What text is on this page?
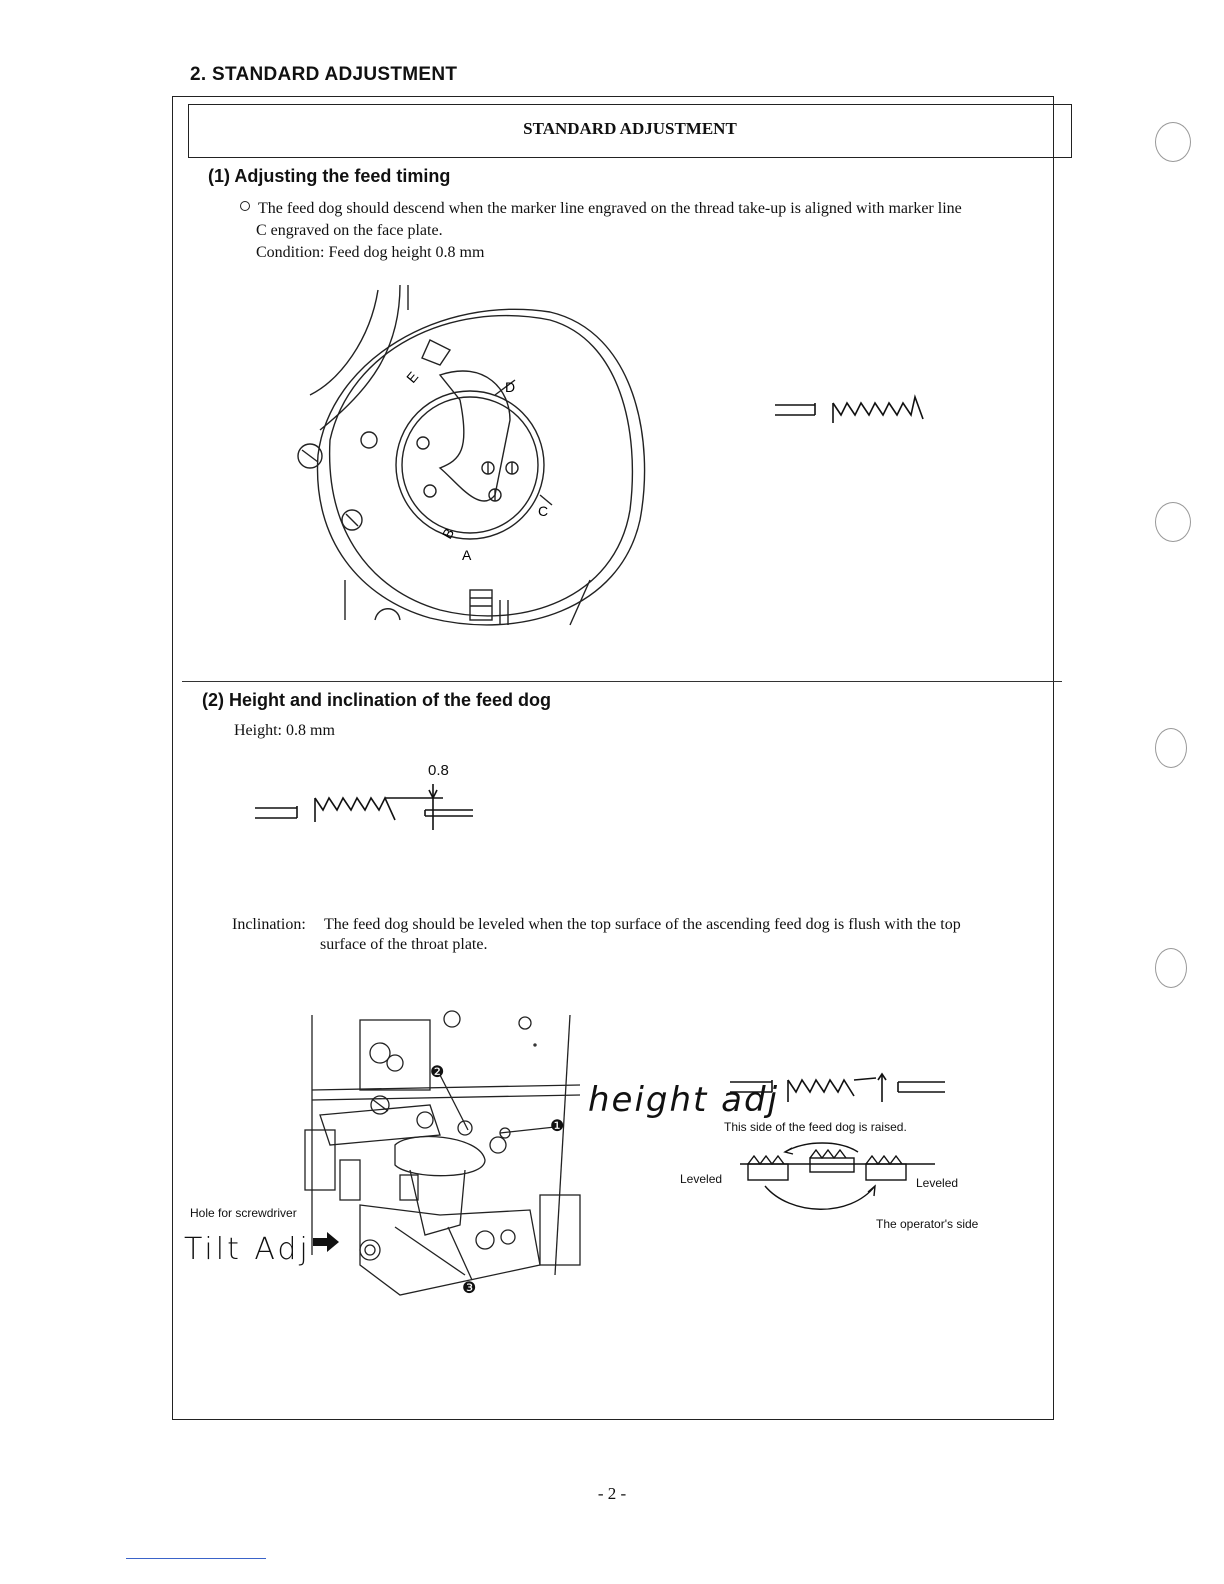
2. STANDARD ADJUSTMENT
STANDARD ADJUSTMENT
(1) Adjusting the feed timing
The feed dog should descend when the marker line engraved on the thread take-up is aligned with marker line
C engraved on the face plate.
Condition: Feed dog height 0.8 mm
E
D
C
B
A
(2) Height and inclination of the feed dog
Height: 0.8 mm
0.8
Inclination: The feed dog should be leveled when the top surface of the ascending feed dog is flush with the top
surface of the throat plate.
❷
❶
❸
Hole for screwdriver
height adj
Tilt Adj
This side of the feed dog is raised.
Leveled	Leveled
The operator's side
- 2 -
